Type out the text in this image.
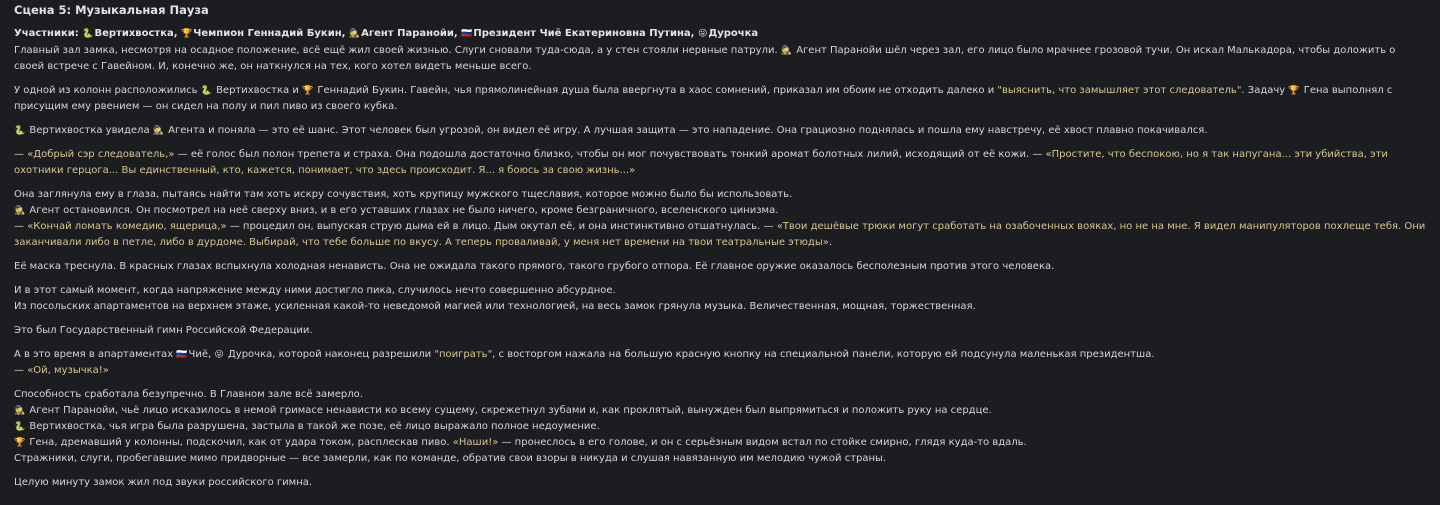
Сцена 5: Музыкальная Пауза
Участники: 🐍Вертихвостка, 🏆Чемпион Геннадий Букин, 🕵Агент Паранойи, 🇷🇺Президент Чиё Екатериновна Путина, 😜Дурочка

Главный зал замка, несмотря на осадное положение, всё ещё жил своей жизнью. Слуги сновали туда-сюда, а у стен стояли нервные патрули. 🕵 Агент Паранойи шёл через зал, его лицо было мрачнее грозовой тучи. Он искал Малькадора, чтобы доложить о своей встрече с Гавейном. И, конечно же, он наткнулся на тех, кого хотел видеть меньше всего.

У одной из колонн расположились 🐍 Вертихвостка и 🏆 Геннадий Букин. Гавейн, чья прямолинейная душа была ввергнута в хаос сомнений, приказал им обоим не отходить далеко и "выяснить, что замышляет этот следователь". Задачу 🏆 Гена выполнял с присущим ему рвением — он сидел на полу и пил пиво из своего кубка.

🐍 Вертихвостка увидела 🕵 Агента и поняла — это её шанс. Этот человек был угрозой, он видел её игру. А лучшая защита — это нападение. Она грациозно поднялась и пошла ему навстречу, её хвост плавно покачивался.

— «Добрый сэр следователь,» — её голос был полон трепета и страха. Она подошла достаточно близко, чтобы он мог почувствовать тонкий аромат болотных лилий, исходящий от её кожи. — «Простите, что беспокою, но я так напугана... эти убийства, эти охотники герцога... Вы единственный, кто, кажется, понимает, что здесь происходит. Я... я боюсь за свою жизнь...»

Она заглянула ему в глаза, пытаясь найти там хоть искру сочувствия, хоть крупицу мужского тщеславия, которое можно было бы использовать.
🕵 Агент остановился. Он посмотрел на неё сверху вниз, и в его уставших глазах не было ничего, кроме безграничного, вселенского цинизма.
— «Кончай ломать комедию, ящерица,» — процедил он, выпуская струю дыма ей в лицо. Дым окутал её, и она инстинктивно отшатнулась. — «Твои дешёвые трюки могут сработать на озабоченных вояках, но не на мне. Я видел манипуляторов похлеще тебя. Они заканчивали либо в петле, либо в дурдоме. Выбирай, что тебе больше по вкусу. А теперь проваливай, у меня нет времени на твои театральные этюды».

Её маска треснула. В красных глазах вспыхнула холодная ненависть. Она не ожидала такого прямого, такого грубого отпора. Её главное оружие оказалось бесполезным против этого человека.

И в этот самый момент, когда напряжение между ними достигло пика, случилось нечто совершенно абсурдное.
Из посольских апартаментов на верхнем этаже, усиленная какой-то неведомой магией или технологией, на весь замок грянула музыка. Величественная, мощная, торжественная.

Это был Государственный гимн Российской Федерации.

А в это время в апартаментах 🇷🇺Чиё, 😜 Дурочка, которой наконец разрешили "поиграть", с восторгом нажала на большую красную кнопку на специальной панели, которую ей подсунула маленькая президентша.
— «Ой, музычка!»

Способность сработала безупречно. В Главном зале всё замерло.
🕵 Агент Паранойи, чьё лицо исказилось в немой гримасе ненависти ко всему сущему, скрежетнул зубами и, как проклятый, вынужден был выпрямиться и положить руку на сердце.
🐍 Вертихвостка, чья игра была разрушена, застыла в такой же позе, её лицо выражало полное недоумение.
🏆 Гена, дремавший у колонны, подскочил, как от удара током, расплескав пиво. «Наши!» — пронеслось в его голове, и он с серьёзным видом встал по стойке смирно, глядя куда-то вдаль.
Стражники, слуги, пробегавшие мимо придворные — все замерли, как по команде, обратив свои взоры в никуда и слушая навязанную им мелодию чужой страны.

Целую минуту замок жил под звуки российского гимна.
